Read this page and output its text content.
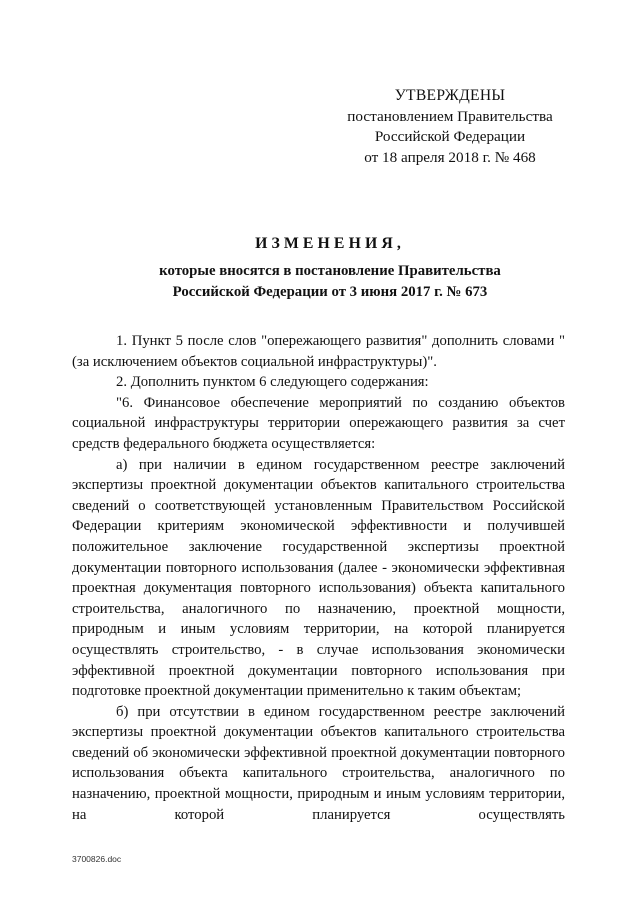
УТВЕРЖДЕНЫ
постановлением Правительства
Российской Федерации
от 18 апреля 2018 г. № 468
ИЗМЕНЕНИЯ,
которые вносятся в постановление Правительства
Российской Федерации от 3 июня 2017 г. № 673

1. Пункт 5 после слов "опережающего развития" дополнить словами "(за исключением объектов социальной инфраструктуры)".

2. Дополнить пунктом 6 следующего содержания:

"6. Финансовое обеспечение мероприятий по созданию объектов социальной инфраструктуры территории опережающего развития за счет средств федерального бюджета осуществляется:

а) при наличии в едином государственном реестре заключений экспертизы проектной документации объектов капитального строительства сведений о соответствующей установленным Правительством Российской Федерации критериям экономической эффективности и получившей положительное заключение государственной экспертизы проектной документации повторного использования (далее - экономически эффективная проектная документация повторного использования) объекта капитального строительства, аналогичного по назначению, проектной мощности, природным и иным условиям территории, на которой планируется осуществлять строительство, - в случае использования экономически эффективной проектной документации повторного использования при подготовке проектной документации применительно к таким объектам;

б) при отсутствии в едином государственном реестре заключений экспертизы проектной документации объектов капитального строительства сведений об экономически эффективной проектной документации повторного использования объекта капитального строительства, аналогичного по назначению, проектной мощности, природным и иным условиям территории, на которой планируется осуществлять

3700826.doc
